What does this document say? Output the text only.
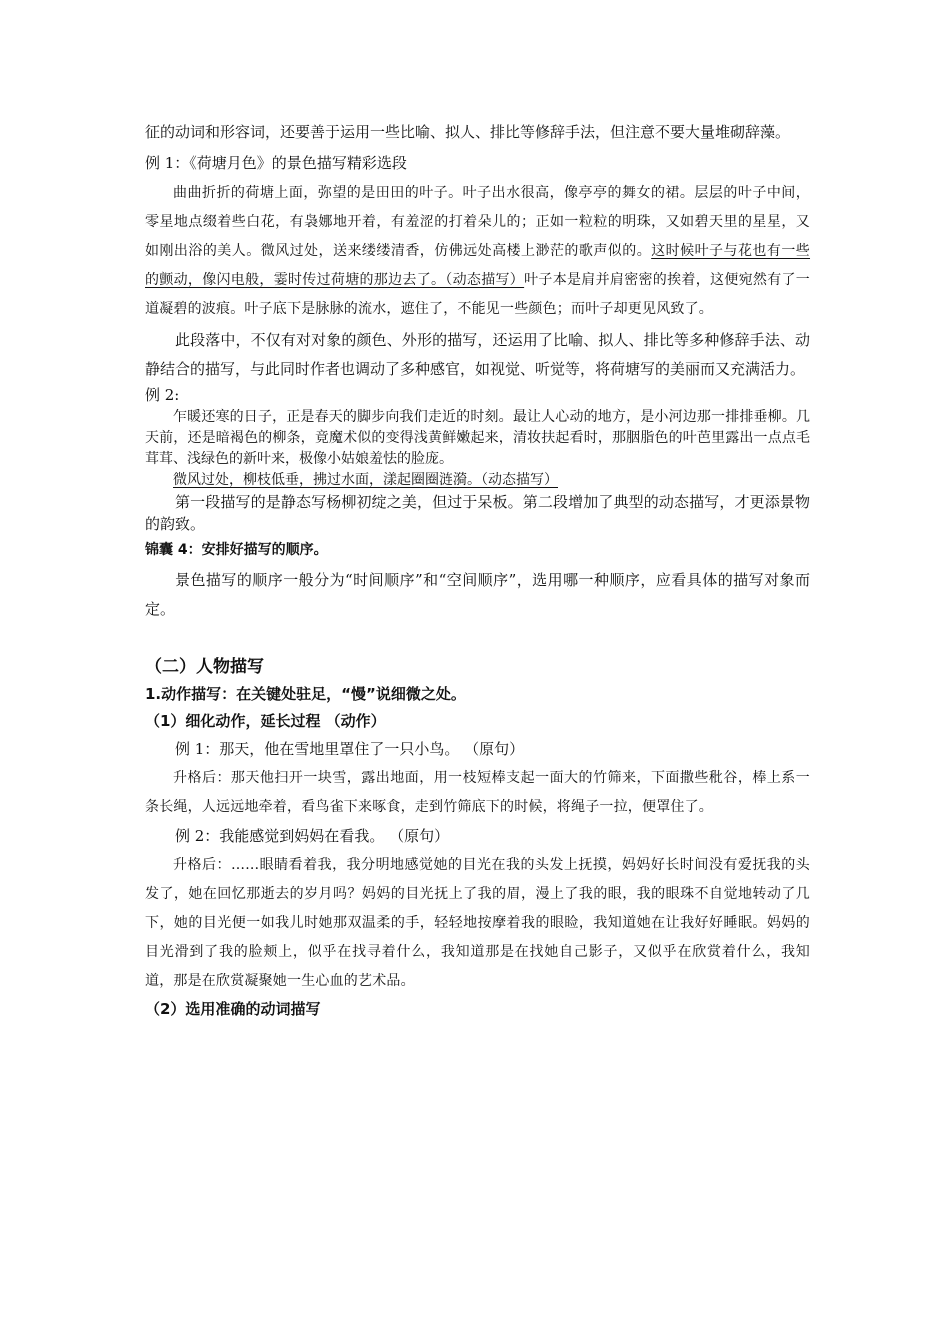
征的动词和形容词，还要善于运用一些比喻、拟人、排比等修辞手法，但注意不要大量堆砌辞藻。

例 1：《荷塘月色》的景色描写精彩选段

曲曲折折的荷塘上面，弥望的是田田的叶子。叶子出水很高，像亭亭的舞女的裙。层层的叶子中间，零星地点缀着些白花，有袅娜地开着，有羞涩的打着朵儿的；正如一粒粒的明珠，又如碧天里的星星，又如刚出浴的美人。微风过处，送来缕缕清香，仿佛远处高楼上渺茫的歌声似的。这时候叶子与花也有一些的颤动，像闪电般，霎时传过荷塘的那边去了。（动态描写）叶子本是肩并肩密密的挨着，这便宛然有了一道凝碧的波痕。叶子底下是脉脉的流水，遮住了，不能见一些颜色；而叶子却更见风致了。

此段落中，不仅有对对象的颜色、外形的描写，还运用了比喻、拟人、排比等多种修辞手法、动静结合的描写，与此同时作者也调动了多种感官，如视觉、听觉等，将荷塘写的美丽而又充满活力。

例 2:

乍暖还寒的日子，正是春天的脚步向我们走近的时刻。最让人心动的地方，是小河边那一排排垂柳。几天前，还是暗褐色的柳条，竟魔术似的变得浅黄鲜嫩起来，清妆扶起看时，那胭脂色的叶芭里露出一点点毛茸茸、浅绿色的新叶来，极像小姑娘羞怯的脸庞。

微风过处，柳枝低垂，拂过水面，漾起圈圈涟漪。（动态描写）

第一段描写的是静态写杨柳初绽之美，但过于呆板。第二段增加了典型的动态描写，才更添景物的韵致。

锦囊 4：安排好描写的顺序。

景色描写的顺序一般分为“时间顺序”和“空间顺序”，选用哪一种顺序，应看具体的描写对象而定。

（二）人物描写

1.动作描写：在关键处驻足，“慢”说细微之处。

（1）细化动作，延长过程 （动作）

例 1：那天，他在雪地里罩住了一只小鸟。 （原句）

升格后：那天他扫开一块雪，露出地面，用一枝短棒支起一面大的竹筛来，下面撒些秕谷，棒上系一条长绳，人远远地牵着，看鸟雀下来啄食，走到竹筛底下的时候，将绳子一拉，便罩住了。

例 2：我能感觉到妈妈在看我。 （原句）

升格后：……眼睛看着我，我分明地感觉她的目光在我的头发上抚摸，妈妈好长时间没有爱抚我的头发了，她在回忆那逝去的岁月吗？妈妈的目光抚上了我的眉，漫上了我的眼，我的眼珠不自觉地转动了几下，她的目光便一如我儿时她那双温柔的手，轻轻地按摩着我的眼睑，我知道她在让我好好睡眠。妈妈的目光滑到了我的脸颊上，似乎在找寻着什么，我知道那是在找她自己影子，又似乎在欣赏着什么，我知道，那是在欣赏凝聚她一生心血的艺术品。

（2）选用准确的动词描写
